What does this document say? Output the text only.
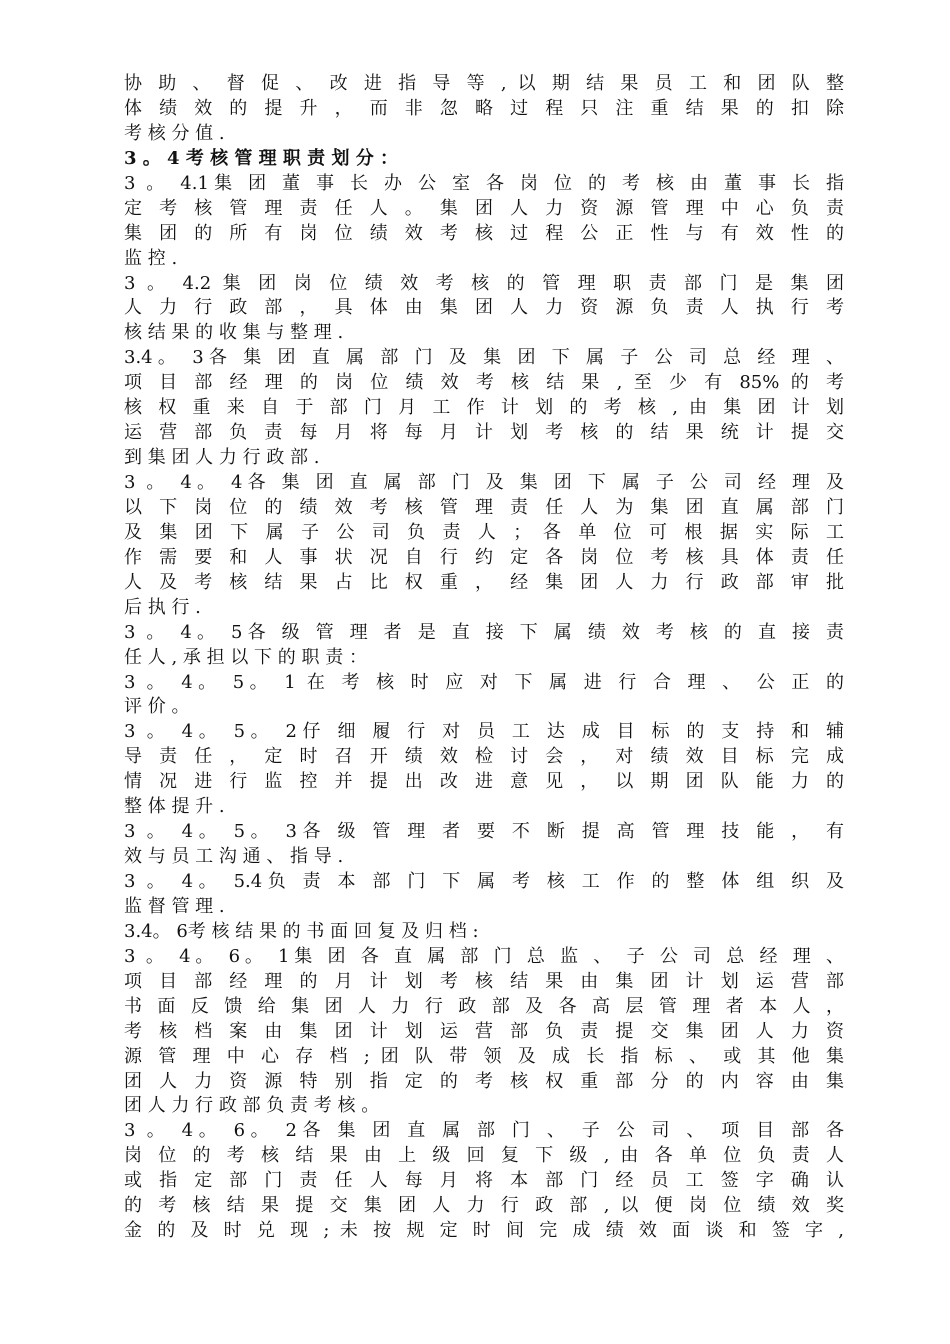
协 助 、 督 促 、 改 进 指 导 等 , 以 期 结 果 员 工 和 团 队 整
体 绩 效 的 提 升 ， 而 非 忽 略 过 程 只 注 重 结 果 的 扣 除
考 核 分 值 .
3 。 4 考 核 管 理 职 责 划 分 ：
3 。 4.1集 团 董 事 长 办 公 室 各 岗 位 的 考 核 由 董 事 长 指
定 考 核 管 理 责 任 人 。 集 团 人 力 资 源 管 理 中 心 负 责
集 团 的 所 有 岗 位 绩 效 考 核 过 程 公 正 性 与 有 效 性 的
监 控 .
3 。 4.2 集 团 岗 位 绩 效 考 核 的 管 理 职 责 部 门 是 集 团
人 力 行 政 部 ， 具 体 由 集 团 人 力 资 源 负 责 人 执 行 考
核 结 果 的 收 集 与 整 理 .
3.4。 3各 集 团 直 属 部 门 及 集 团 下 属 子 公 司 总 经 理 、
项 目 部 经 理 的 岗 位 绩 效 考 核 结 果 , 至 少 有 85% 的 考
核 权 重 来 自 于 部 门 月 工 作 计 划 的 考 核 , 由 集 团 计 划
运 营 部 负 责 每 月 将 每 月 计 划 考 核 的 结 果 统 计 提 交
到 集 团 人 力 行 政 部 .
3 。 4。 4各 集 团 直 属 部 门 及 集 团 下 属 子 公 司 经 理 及
以 下 岗 位 的 绩 效 考 核 管 理 责 任 人 为 集 团 直 属 部 门
及 集 团 下 属 子 公 司 负 责 人 ； 各 单 位 可 根 据 实 际 工
作 需 要 和 人 事 状 况 自 行 约 定 各 岗 位 考 核 具 体 责 任
人 及 考 核 结 果 占 比 权 重 ， 经 集 团 人 力 行 政 部 审 批
后 执 行 .
3 。 4。 5各 级 管 理 者 是 直 接 下 属 绩 效 考 核 的 直 接 责
任 人 , 承 担 以 下 的 职 责 ：
3 。 4。 5。 1 在 考 核 时 应 对 下 属 进 行 合 理 、 公 正 的
评 价 。
3 。 4。 5。 2仔 细 履 行 对 员 工 达 成 目 标 的 支 持 和 辅
导 责 任 ， 定 时 召 开 绩 效 检 讨 会 ， 对 绩 效 目 标 完 成
情 况 进 行 监 控 并 提 出 改 进 意 见 ， 以 期 团 队 能 力 的
整 体 提 升 .
3 。 4。 5。 3各 级 管 理 者 要 不 断 提 高 管 理 技 能 ， 有
效 与 员 工 沟 通 、 指 导 .
3 。 4。 5.4负 责 本 部 门 下 属 考 核 工 作 的 整 体 组 织 及
监 督 管 理 .
3.4。 6考 核 结 果 的 书 面 回 复 及 归 档 :
3 。 4。 6。 1集 团 各 直 属 部 门 总 监 、 子 公 司 总 经 理 、
项 目 部 经 理 的 月 计 划 考 核 结 果 由 集 团 计 划 运 营 部
书 面 反 馈 给 集 团 人 力 行 政 部 及 各 高 层 管 理 者 本 人 ，
考 核 档 案 由 集 团 计 划 运 营 部 负 责 提 交 集 团 人 力 资
源 管 理 中 心 存 档 ; 团 队 带 领 及 成 长 指 标 、 或 其 他 集
团 人 力 资 源 特 别 指 定 的 考 核 权 重 部 分 的 内 容 由 集
团 人 力 行 政 部 负 责 考 核 。
3 。 4。 6。 2各 集 团 直 属 部 门 、 子 公 司 、 项 目 部 各
岗 位 的 考 核 结 果 由 上 级 回 复 下 级 , 由 各 单 位 负 责 人
或 指 定 部 门 责 任 人 每 月 将 本 部 门 经 员 工 签 字 确 认
的 考 核 结 果 提 交 集 团 人 力 行 政 部 , 以 便 岗 位 绩 效 奖
金 的 及 时 兑 现 ; 未 按 规 定 时 间 完 成 绩 效 面 谈 和 签 字 ,
